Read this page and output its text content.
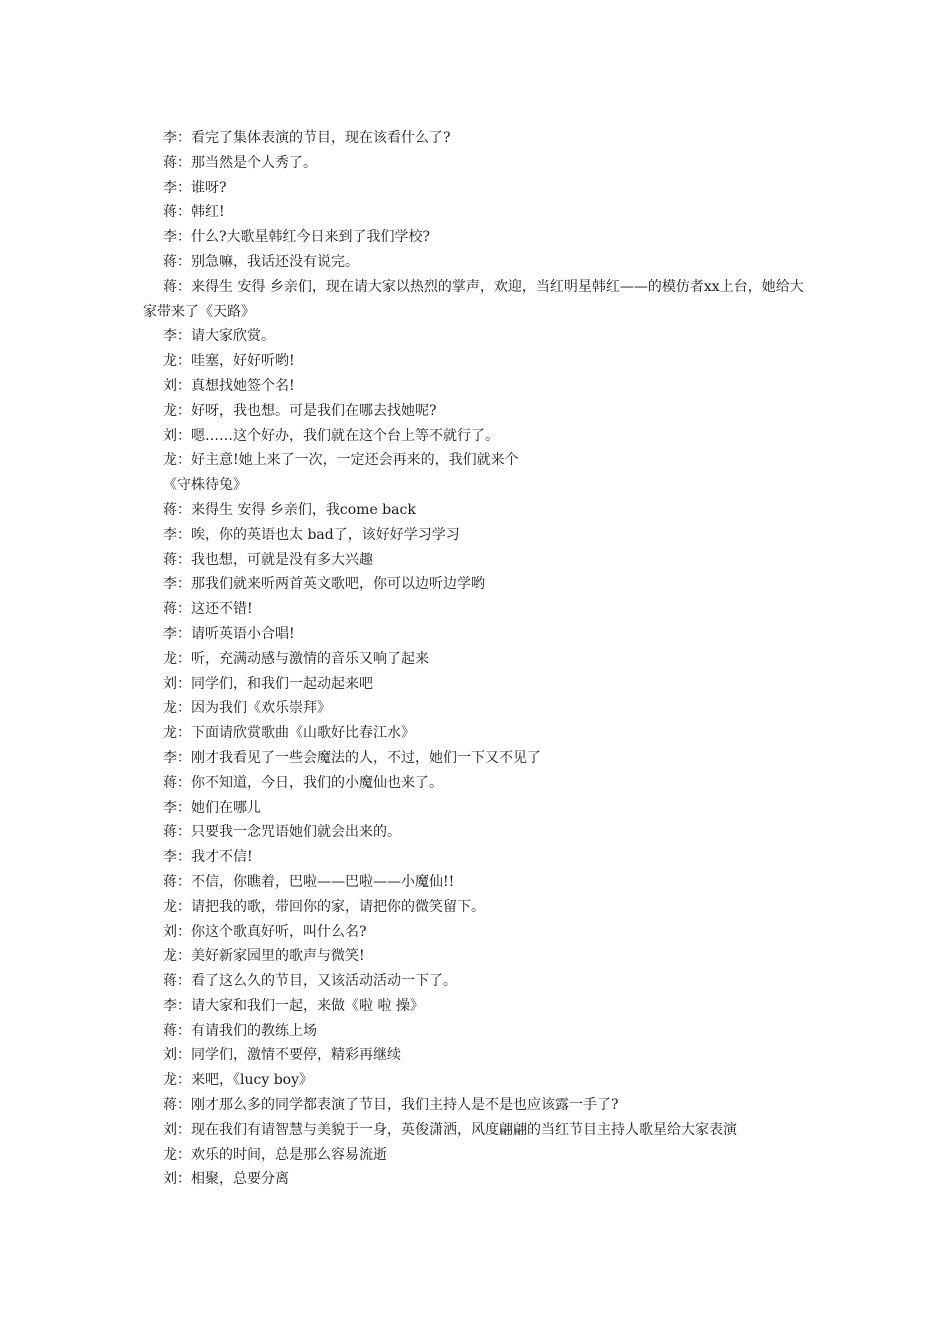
李：看完了集体表演的节目，现在该看什么了?

蒋：那当然是个人秀了。

李：谁呀?

蒋：韩红!

李：什么?大歌星韩红今日来到了我们学校?

蒋：别急嘛，我话还没有说完。

蒋：来得生 安得 乡亲们，现在请大家以热烈的掌声，欢迎，当红明星韩红——的模仿者xx上台，她给大家带来了《天路》

李：请大家欣赏。

龙：哇塞，好好听哟!

刘：真想找她签个名!

龙：好呀，我也想。可是我们在哪去找她呢?

刘：嗯……这个好办，我们就在这个台上等不就行了。

龙：好主意!她上来了一次，一定还会再来的，我们就来个

《守株待兔》

蒋：来得生 安得 乡亲们，我come back

李：唉，你的英语也太 bad了，该好好学习学习

蒋：我也想，可就是没有多大兴趣

李：那我们就来听两首英文歌吧，你可以边听边学哟

蒋：这还不错!

李：请听英语小合唱!

龙：听，充满动感与激情的音乐又响了起来

刘：同学们，和我们一起动起来吧

龙：因为我们《欢乐崇拜》

龙：下面请欣赏歌曲《山歌好比春江水》

李：刚才我看见了一些会魔法的人，不过，她们一下又不见了

蒋：你不知道，今日，我们的小魔仙也来了。

李：她们在哪儿

蒋：只要我一念咒语她们就会出来的。

李：我才不信!

蒋：不信，你瞧着，巴啦——巴啦——小魔仙!!

龙：请把我的歌，带回你的家，请把你的微笑留下。

刘：你这个歌真好听，叫什么名?

龙：美好新家园里的歌声与微笑!

蒋：看了这么久的节目，又该活动活动一下了。

李：请大家和我们一起，来做《啦 啦 操》

蒋：有请我们的教练上场

刘：同学们，激情不要停，精彩再继续

龙：来吧，《lucy boy》

蒋：刚才那么多的同学都表演了节目，我们主持人是不是也应该露一手了?

刘：现在我们有请智慧与美貌于一身，英俊潇洒，风度翩翩的当红节目主持人歌星给大家表演

龙：欢乐的时间，总是那么容易流逝

刘：相聚，总要分离
